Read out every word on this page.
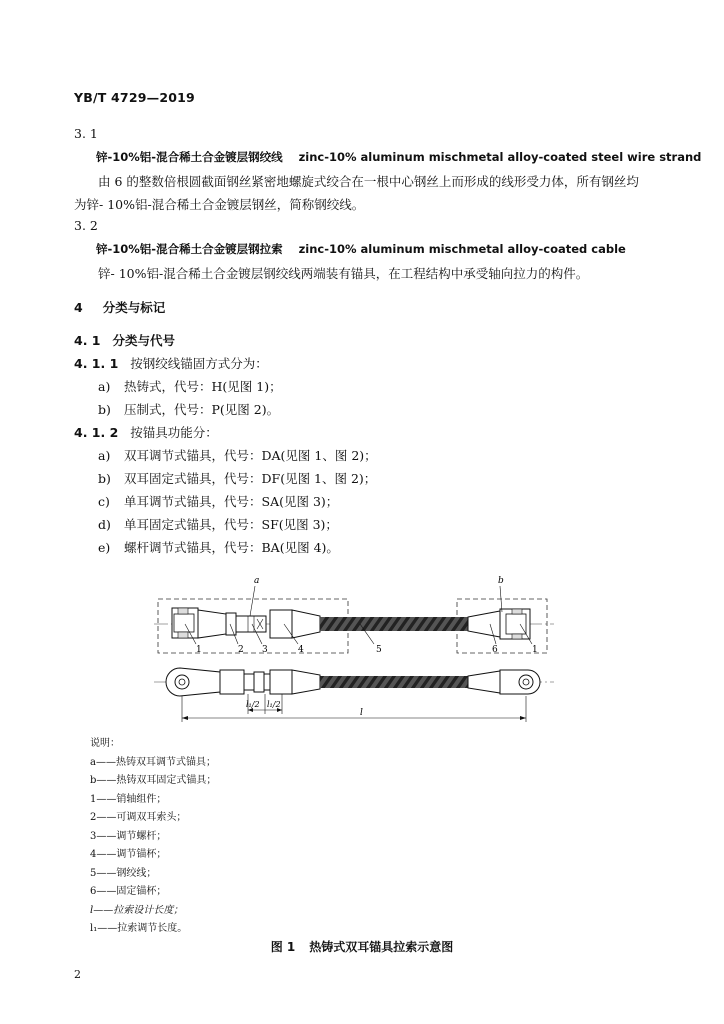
YB/T 4729—2019
3. 1
锌-10%铝-混合稀土合金镀层钢绞线 zinc-10% aluminum mischmetal alloy-coated steel wire strand
由 6 的整数倍根圆截面钢丝紧密地螺旋式绞合在一根中心钢丝上而形成的线形受力体，所有钢丝均
为锌- 10%铝-混合稀土合金镀层钢丝，简称钢绞线。
3. 2
锌-10%铝-混合稀土合金镀层钢拉索 zinc-10% aluminum mischmetal alloy-coated cable
锌- 10%铝-混合稀土合金镀层钢绞线两端装有锚具，在工程结构中承受轴向拉力的构件。
4 分类与标记
4. 1 分类与代号
4. 1. 1 按钢绞线锚固方式分为：
a) 热铸式，代号：H(见图 1)；
b) 压制式，代号：P(见图 2)。
4. 1. 2 按锚具功能分：
a) 双耳调节式锚具，代号：DA(见图 1、图 2)；
b) 双耳固定式锚具，代号：DF(见图 1、图 2)；
c) 单耳调节式锚具，代号：SA(见图 3)；
d) 单耳固定式锚具，代号：SF(见图 3)；
e) 螺杆调节式锚具，代号：BA(见图 4)。
a	b
1	2 3	4	5	6	1
l₁/2 l₁/2
l
说明：
a——热铸双耳调节式锚具；
b——热铸双耳固定式锚具；
1——销轴组件；
2——可调双耳索头；
3——调节螺杆；
4——调节锚杯；
5——钢绞线；
6——固定锚杯；
l——拉索设计长度；
l₁——拉索调节长度。
图 1 热铸式双耳锚具拉索示意图
2
